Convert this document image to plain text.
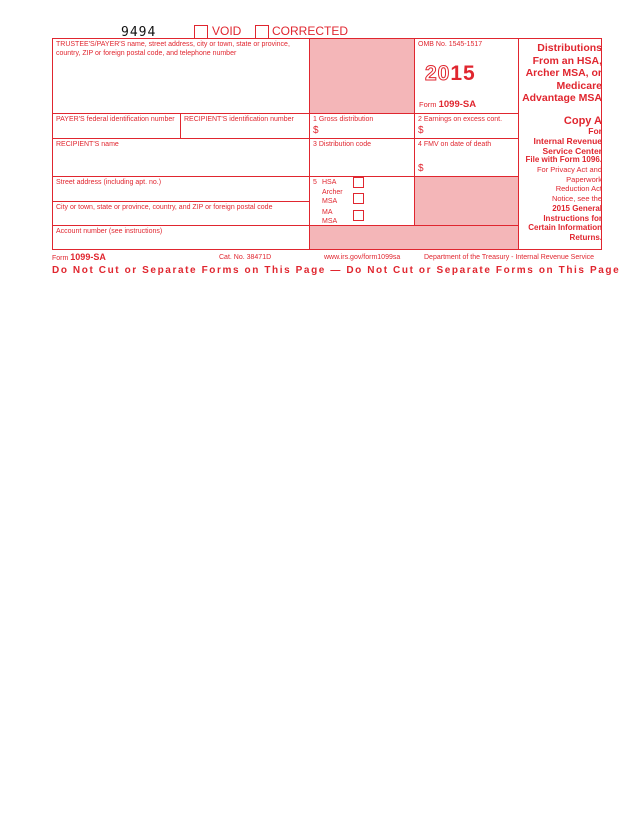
9494	VOID	CORRECTED
TRUSTEE'S/PAYER'S name, street address, city or town, state or province, country, ZIP or foreign postal code, and telephone number
OMB No. 1545-1517
2015
Form 1099-SA
PAYER'S federal identification number RECIPIENT'S identification number	1 Gross distribution
$
2 Earnings on excess cont.
$
RECIPIENT'S name	3 Distribution code	4 FMV on date of death
$
Street address (including apt. no.)	5 HSA
Archer MSA
MA MSA
City or town, state or province, country, and ZIP or foreign postal code
Account number (see instructions)
Distributions From an HSA, Archer MSA, or Medicare Advantage MSA
Copy A
For
Internal Revenue Service Center
File with Form 1096.
For Privacy Act and Paperwork Reduction Act Notice, see the
2015 General Instructions for Certain Information Returns.
Form 1099-SA	Cat. No. 38471D	www.irs.gov/form1099sa	Department of the Treasury - Internal Revenue Service
Do Not Cut or Separate Forms on This Page — Do Not Cut or Separate Forms on This Page
